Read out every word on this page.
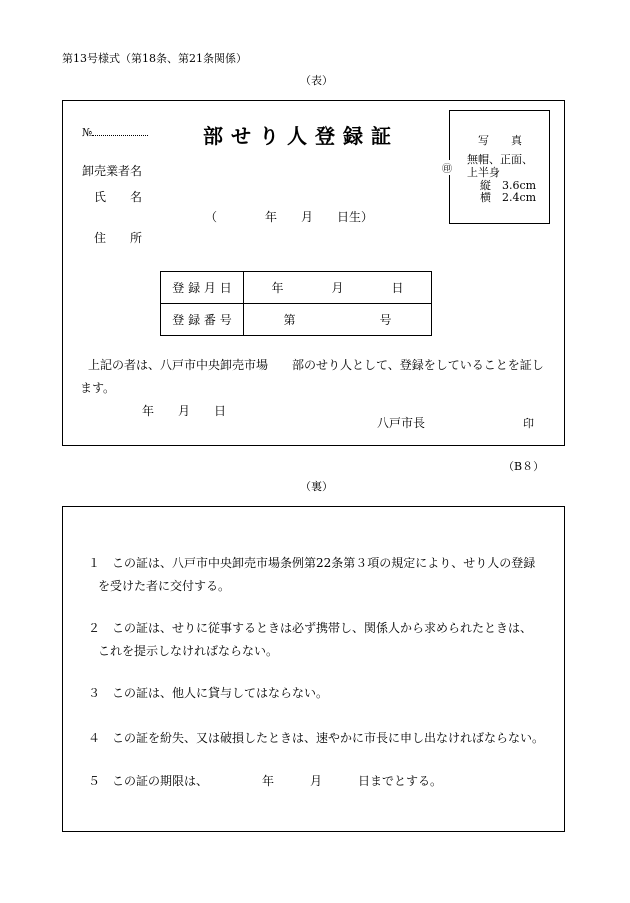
第13号様式（第18条、第21条関係）
（表）
№	部せり人登録証
卸売業者名
氏　　名
（　　　　年　　月　　日生）
住　　所
写　　真
無帽、正面、
上半身
縦　3.6cm
横　2.4cm
㊞
登 録 月 日	年　　　　月　　　　日
登 録 番 号	第　　　　　　　号
上記の者は、八戸市中央卸売市場　　部のせり人として、登録をしていることを証し
ます。
年　　月　　日
八戸市長	印
（B８）
（裏）
１　この証は、八戸市中央卸売市場条例第22条第３項の規定により、せり人の登録
を受けた者に交付する。
２　この証は、せりに従事するときは必ず携帯し、関係人から求められたときは、
これを提示しなければならない。
３　この証は、他人に貸与してはならない。
４　この証を紛失、又は破損したときは、速やかに市長に申し出なければならない。
５　この証の期限は、　　　　　年　　　月　　　日までとする。
